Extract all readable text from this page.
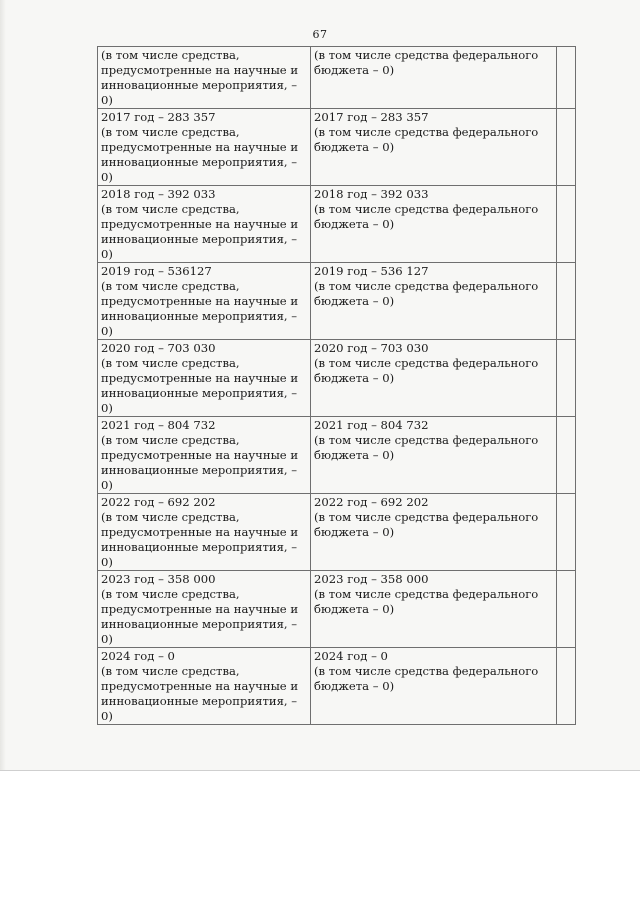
67
(в том числе средства,
предусмотренные на научные и
инновационные мероприятия, –
0)	(в том числе средства федерального
бюджета – 0)	

2017 год – 283 357
(в том числе средства,
предусмотренные на научные и
инновационные мероприятия, –
0)	2017 год – 283 357
(в том числе средства федерального
бюджета – 0)	

2018 год – 392 033
(в том числе средства,
предусмотренные на научные и
инновационные мероприятия, –
0)	2018 год – 392 033
(в том числе средства федерального
бюджета – 0)	

2019 год – 536127
(в том числе средства,
предусмотренные на научные и
инновационные мероприятия, –
0)	2019 год – 536 127
(в том числе средства федерального
бюджета – 0)	

2020 год – 703 030
(в том числе средства,
предусмотренные на научные и
инновационные мероприятия, –
0)	2020 год – 703 030
(в том числе средства федерального
бюджета – 0)	

2021 год – 804 732
(в том числе средства,
предусмотренные на научные и
инновационные мероприятия, –
0)	2021 год – 804 732
(в том числе средства федерального
бюджета – 0)	

2022 год – 692 202
(в том числе средства,
предусмотренные на научные и
инновационные мероприятия, –
0)	2022 год – 692 202
(в том числе средства федерального
бюджета – 0)	

2023 год – 358 000
(в том числе средства,
предусмотренные на научные и
инновационные мероприятия, –
0)	2023 год – 358 000
(в том числе средства федерального
бюджета – 0)	

2024 год – 0
(в том числе средства,
предусмотренные на научные и
инновационные мероприятия, –
0)	2024 год – 0
(в том числе средства федерального
бюджета – 0)	
